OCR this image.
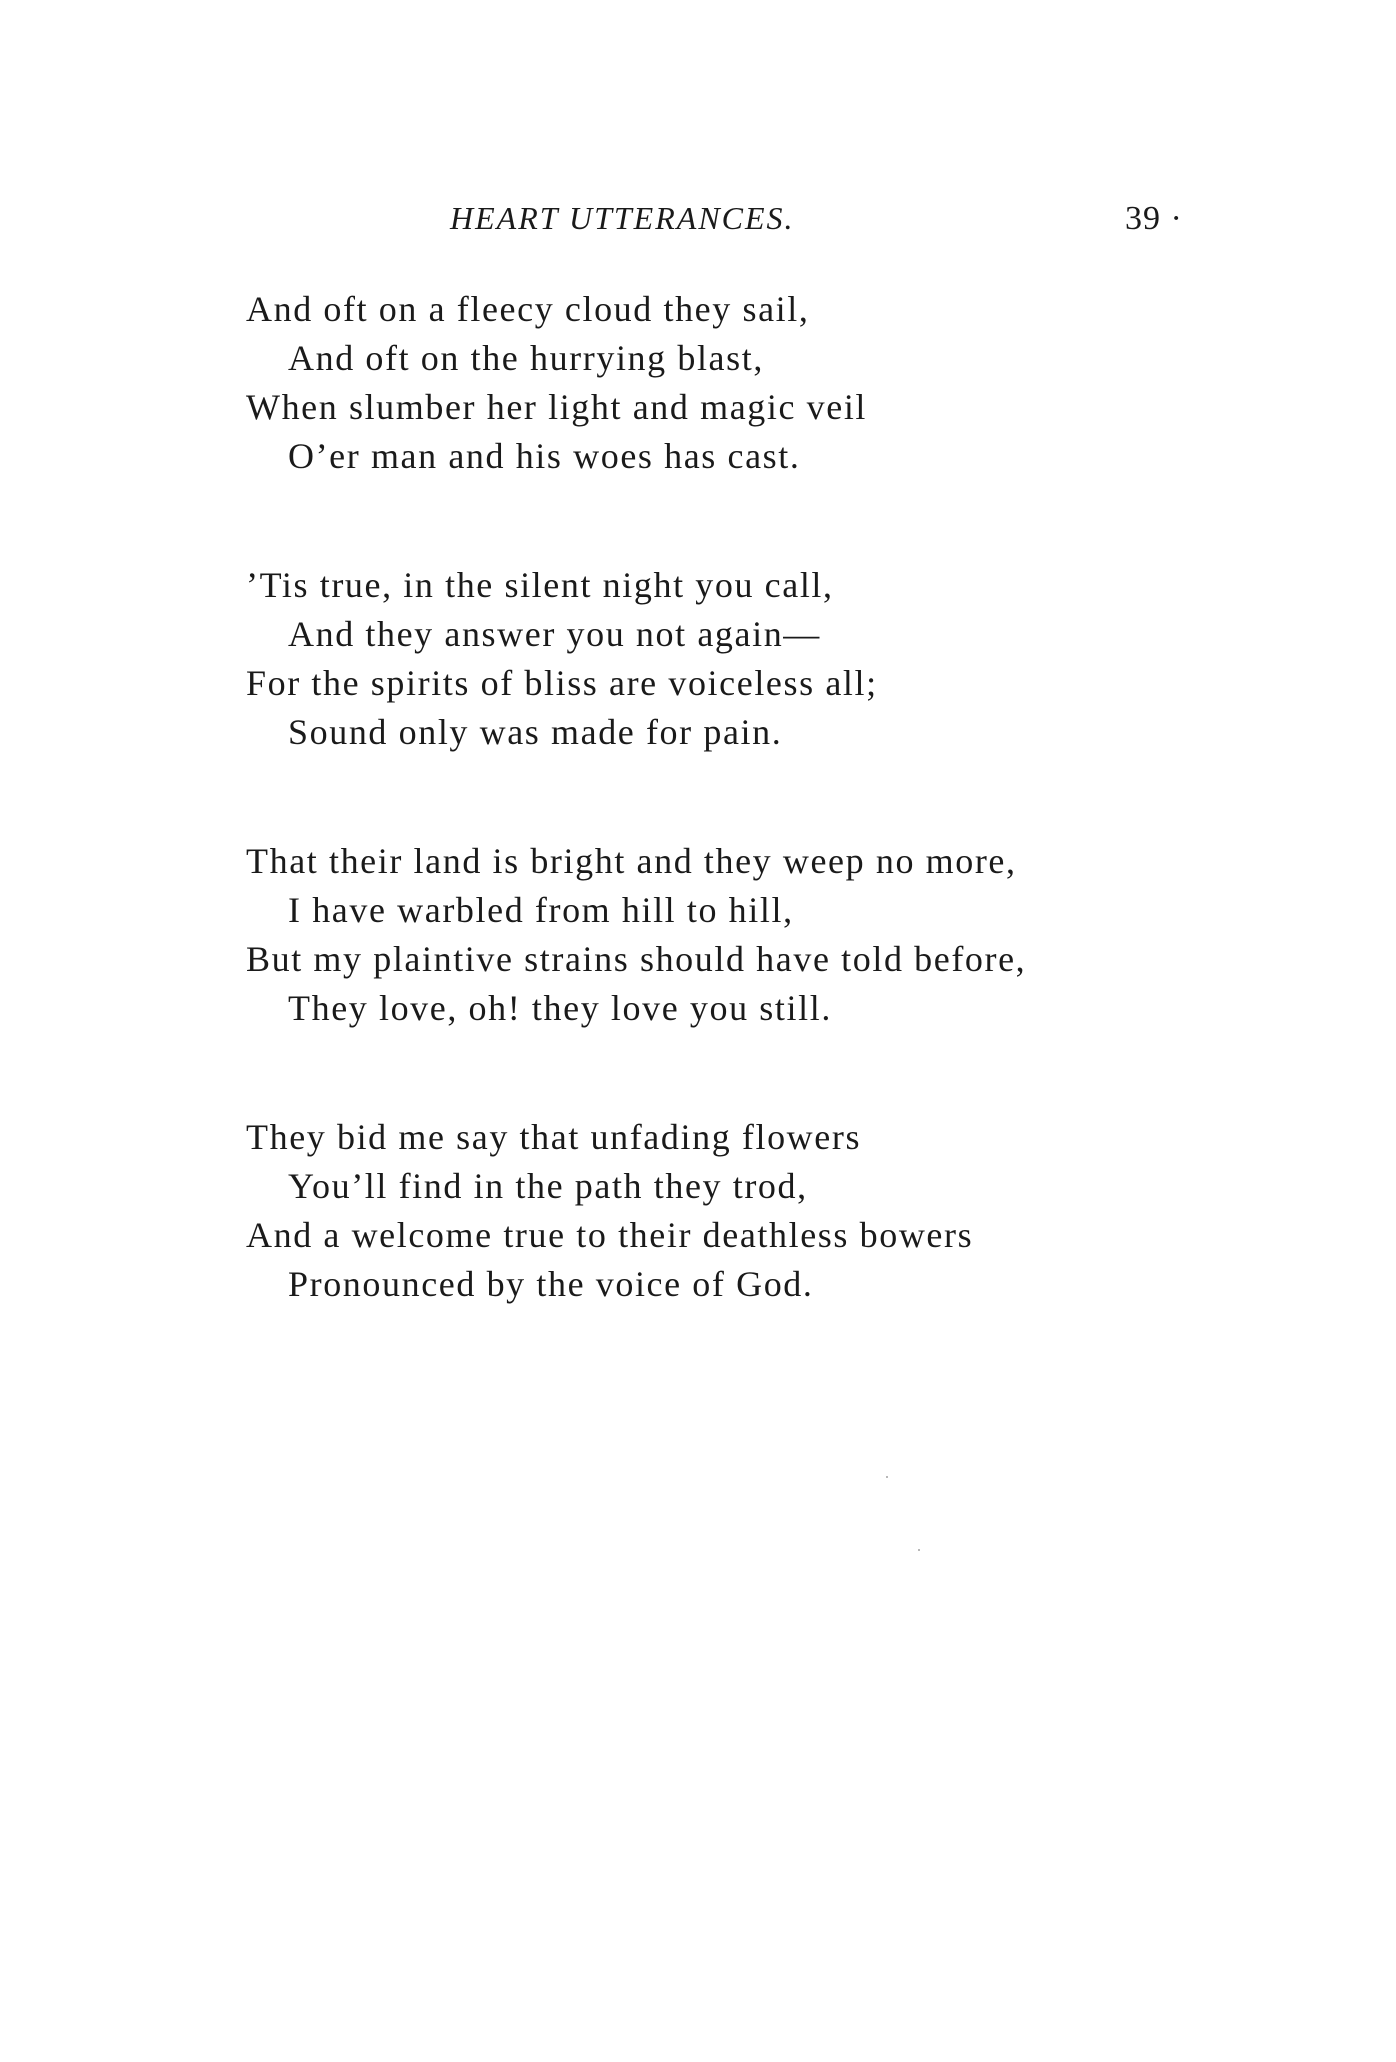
HEART UTTERANCES.	39 ·
And oft on a fleecy cloud they sail,
And oft on the hurrying blast,
When slumber her light and magic veil
O’er man and his woes has cast.
’Tis true, in the silent night you call,
And they answer you not again—
For the spirits of bliss are voiceless all;
Sound only was made for pain.
That their land is bright and they weep no more,
I have warbled from hill to hill,
But my plaintive strains should have told before,
They love, oh! they love you still.
They bid me say that unfading flowers
You’ll find in the path they trod,
And a welcome true to their deathless bowers
Pronounced by the voice of God.
